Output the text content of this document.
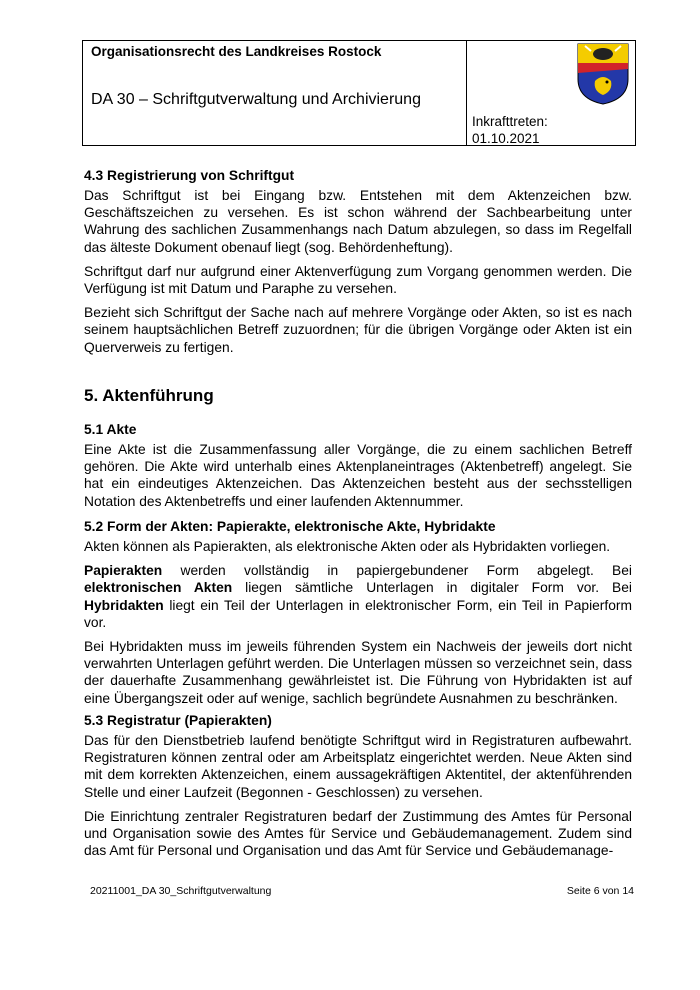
Organisationsrecht des Landkreises Rostock
DA 30 – Schriftgutverwaltung und Archivierung
Inkrafttreten:
01.10.2021
4.3 Registrierung von Schriftgut

Das Schriftgut ist bei Eingang bzw. Entstehen mit dem Aktenzeichen bzw. Geschäftszeichen zu versehen. Es ist schon während der Sachbearbeitung unter Wahrung des sachlichen Zusammenhangs nach Datum abzulegen, so dass im Regelfall das älteste Dokument obenauf liegt (sog. Behördenheftung).

Schriftgut darf nur aufgrund einer Aktenverfügung zum Vorgang genommen werden. Die Verfügung ist mit Datum und Paraphe zu versehen.

Bezieht sich Schriftgut der Sache nach auf mehrere Vorgänge oder Akten, so ist es nach seinem hauptsächlichen Betreff zuzuordnen; für die übrigen Vorgänge oder Akten ist ein Querverweis zu fertigen.

5. Aktenführung
5.1 Akte

Eine Akte ist die Zusammenfassung aller Vorgänge, die zu einem sachlichen Betreff gehören. Die Akte wird unterhalb eines Aktenplaneintrages (Aktenbetreff) angelegt. Sie hat ein eindeutiges Aktenzeichen. Das Aktenzeichen besteht aus der sechsstelligen Notation des Aktenbetreffs und einer laufenden Aktennummer.

5.2 Form der Akten: Papierakte, elektronische Akte, Hybridakte

Akten können als Papierakten, als elektronische Akten oder als Hybridakten vorliegen.

Papierakten werden vollständig in papiergebundener Form abgelegt. Bei elektronischen Akten liegen sämtliche Unterlagen in digitaler Form vor. Bei Hybridakten liegt ein Teil der Unterlagen in elektronischer Form, ein Teil in Papierform vor.

Bei Hybridakten muss im jeweils führenden System ein Nachweis der jeweils dort nicht verwahrten Unterlagen geführt werden. Die Unterlagen müssen so verzeichnet sein, dass der dauerhafte Zusammenhang gewährleistet ist. Die Führung von Hybridakten ist auf eine Übergangszeit oder auf wenige, sachlich begründete Ausnahmen zu beschränken.

5.3 Registratur (Papierakten)

Das für den Dienstbetrieb laufend benötigte Schriftgut wird in Registraturen aufbewahrt. Registraturen können zentral oder am Arbeitsplatz eingerichtet werden. Neue Akten sind mit dem korrekten Aktenzeichen, einem aussagekräftigen Aktentitel, der aktenführenden Stelle und einer Laufzeit (Begonnen - Geschlossen) zu versehen.

Die Einrichtung zentraler Registraturen bedarf der Zustimmung des Amtes für Personal und Organisation sowie des Amtes für Service und Gebäudemanagement. Zudem sind das Amt für Personal und Organisation und das Amt für Service und Gebäudemanage-

20211001_DA 30_Schriftgutverwaltung	Seite 6 von 14
